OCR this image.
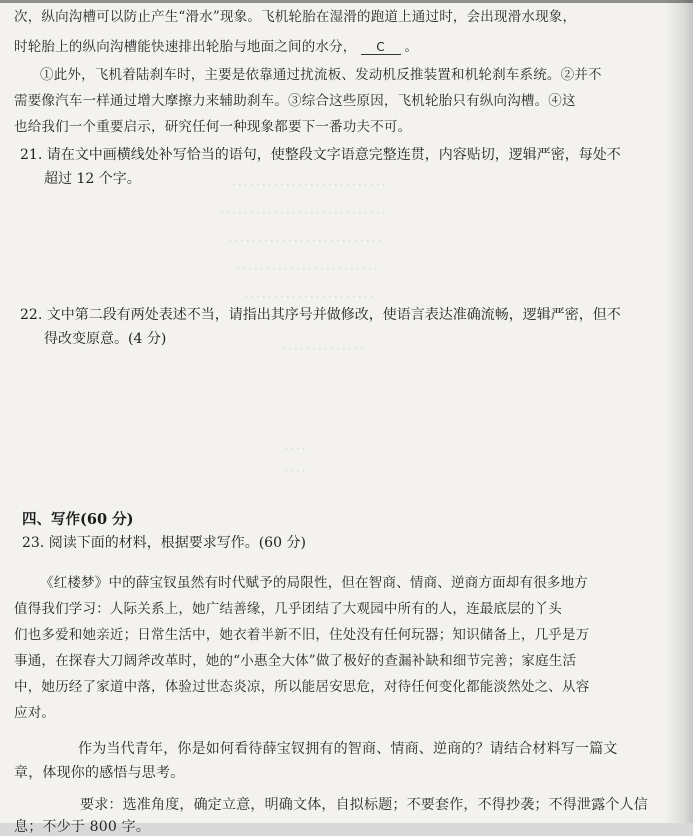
．．．．．．．．．．．．．．．．．．．．．．．．．．
．．．．．．．．．．．．．．．．．．．．．．．．．．．．
．．．．．．．．．．．．．．．．．．．．．．．．．．
．．．．．．．．．．．．．．．．．．．．．．．．
．．．．．．．．．．．．．．．．．．．．．．
．．．．．．．．．．．．．．
．．．．
．．．．
次，纵向沟槽可以防止产生“滑水”现象。飞机轮胎在湿滑的跑道上通过时，会出现滑水现象，
时轮胎上的纵向沟槽能快速排出轮胎与地面之间的水分， C 。
①此外，飞机着陆刹车时，主要是依靠通过扰流板、发动机反推装置和机轮刹车系统。②并不
需要像汽车一样通过增大摩擦力来辅助刹车。③综合这些原因，飞机轮胎只有纵向沟槽。④这
也给我们一个重要启示，研究任何一种现象都要下一番功夫不可。
21. 请在文中画横线处补写恰当的语句，使整段文字语意完整连贯，内容贴切，逻辑严密，每处不
超过 12 个字。
22. 文中第二段有两处表述不当，请指出其序号并做修改，使语言表达准确流畅，逻辑严密，但不
得改变原意。(4 分)
四、写作(60 分)
23. 阅读下面的材料，根据要求写作。(60 分)
《红楼梦》中的薛宝钗虽然有时代赋予的局限性，但在智商、情商、逆商方面却有很多地方
值得我们学习：人际关系上，她广结善缘，几乎团结了大观园中所有的人，连最底层的丫头
们也多爱和她亲近；日常生活中，她衣着半新不旧，住处没有任何玩器；知识储备上，几乎是万
事通，在探春大刀阔斧改革时，她的“小惠全大体”做了极好的查漏补缺和细节完善；家庭生活
中，她历经了家道中落，体验过世态炎凉，所以能居安思危，对待任何变化都能淡然处之、从容
应对。
作为当代青年，你是如何看待薛宝钗拥有的智商、情商、逆商的？请结合材料写一篇文
章，体现你的感悟与思考。
要求：选准角度，确定立意，明确文体，自拟标题；不要套作，不得抄袭；不得泄露个人信
息；不少于 800 字。
